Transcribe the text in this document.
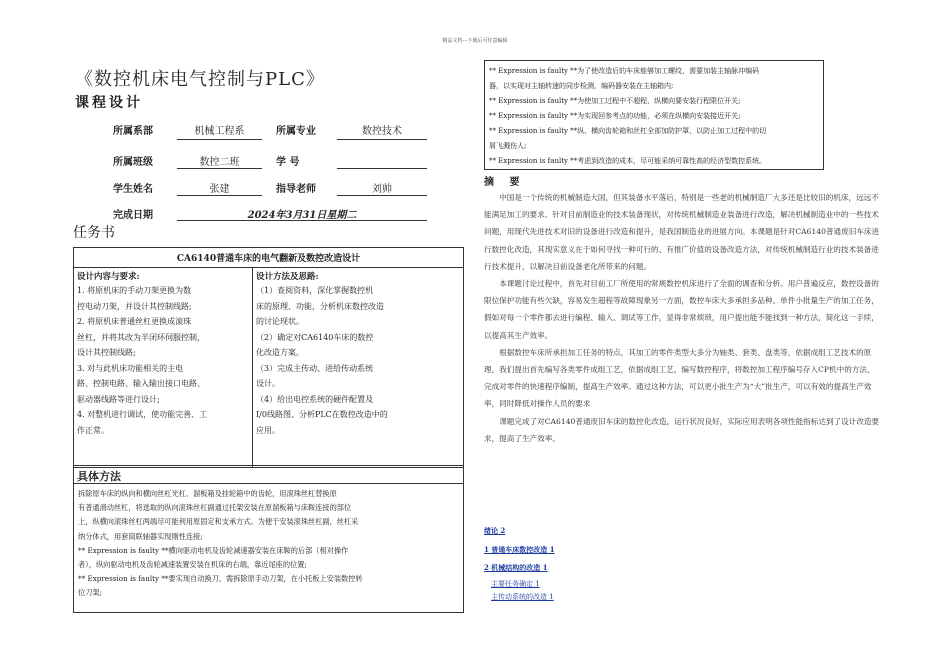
精品文档---下载后可任意编辑
《数控机床电气控制与PLC》
课程设计
所属系部	机械工程系	所属专业	数控技术
所属班级	数控二班	学 号
学生姓名	张建	指导老师	刘帅
完成日期	2024年3月31日星期二
任务书
CA6140普通车床的电气翻新及数控改造设计

设计内容与要求:
1. 将原机床的手动刀架更换为数
控电动刀架，并设计其控制线路;
2. 将原机床普通丝杠更换成滚珠
丝杠，并将其改为半闭环伺服控制，
设计其控制线路;
3. 对与此机床功能相关的主电
路、控制电路、输入输出接口电路、
驱动器线路等进行设计;
4. 对整机进行调试，使功能完善、工
作正常。

设计方法及思路:
（1）查阅资料，深化掌握数控机
床的原理、功能，分析机床数控改造
的讨论现状。
（2）确定对CA6140车床的数控
化改造方案。
（3）完成主传动、进给传动系统
设计。
（4）给出电控系统的硬件配置及
I/0线路图、分析PLC在数控改造中的
应用。
具体方法
拆除原车床的纵向和横向丝杠光杠、溜板箱及挂轮箱中的齿轮，用滚珠丝杠替换原
有普通滑动丝杠，将选取的纵向滚珠丝杠副通过托架安装在原溜板箱与床鞍连接的部位
上，纵横向滚珠丝杠两端尽可能利用原固定和支承方式。为便于安装滚珠丝杠副，丝杠采
纳分体式，用套筒联轴器实现刚性连接;
** Expression is faulty **横向驱动电机及齿轮减速器安装在床鞍的后部（相对操作
者），纵向驱动电机及齿轮减速装置安装在机床的右端，靠近尾座的位置;
** Expression is faulty **要实现自动换刀，需拆除原手动刀架，在小托板上安装数控转
位刀架;
** Expression is faulty **为了使改造后的车床能够加工螺纹，需要加装主轴脉冲编码
器，以实现对主轴转速的同步检测，编码器安装在主轴箱内;
** Expression is faulty **为使加工过程中不超程，纵横向要安装行程限位开关;
** Expression is faulty **为实现回参考点的功能，必须在纵横向安装接近开关;
** Expression is faulty **纵、横向齿轮箱和丝杠全部加防护罩，以防止加工过程中的切
屑飞溅伤人;
** Expression is faulty **考虑到改造的成本，尽可能采纳可靠性高的经济型数控系统。
摘 要

中国是一个传统的机械制造大国，但其装备水平落后，特别是一些老的机械制造厂大多还是比较旧的机床，远远不能满足加工的要求。针对目前制造业的技术装备现状，对传统机械制造业装备进行改造，解决机械制造业中的一些技术问题，用现代先进技术对旧的设备进行改造和提升，是我国制造业的进展方向。本课题是针对CA6140普通废旧车床进行数控化改造，其现实意义在于如何寻找一种可行的、有推广价值的设备改造方法，对传统机械制造行业的技术装备进行技术提升，以解决目前设备老化所带来的问题。

本课题讨论过程中，首先对目前工厂所使用的常规数控机床进行了全面的调查和分析。用户普遍反应，数控设备的限位保护功能有些欠缺，容易发生超程等故障现象另一方面，数控车床大多承担多品种、单件小批量生产的加工任务，假如对每一个零件都去进行编程、输入、调试等工作，显得非常烦琐，用户提出能不能找到一种方法，简化这一手续，以提高其生产效率。

根据数控车床所承担加工任务的特点，其加工的零件类型大多分为轴类、套类、盘类等，依据成组工艺技术的原理，我们提出首先编写各类零件成组工艺，依据成组工艺，编写数控程序，将数控加工程序编号存入CP机中的方法，完成对零件的快速程序编制，提高生产效率。通过这种方法，可以更小批生产为“大”批生产，可以有效的提高生产效率，同时降低对操作人员的要求

课题完成了对CA6140普通废旧车床的数控化改造，运行状况良好，实际应用表明各项性能指标达到了设计改造要求，提高了生产效率。

绪论 2
1 普通车床数控改造 1
2 机械结构的改造 1
主要任务确定 1
主传动系统的改造 1
